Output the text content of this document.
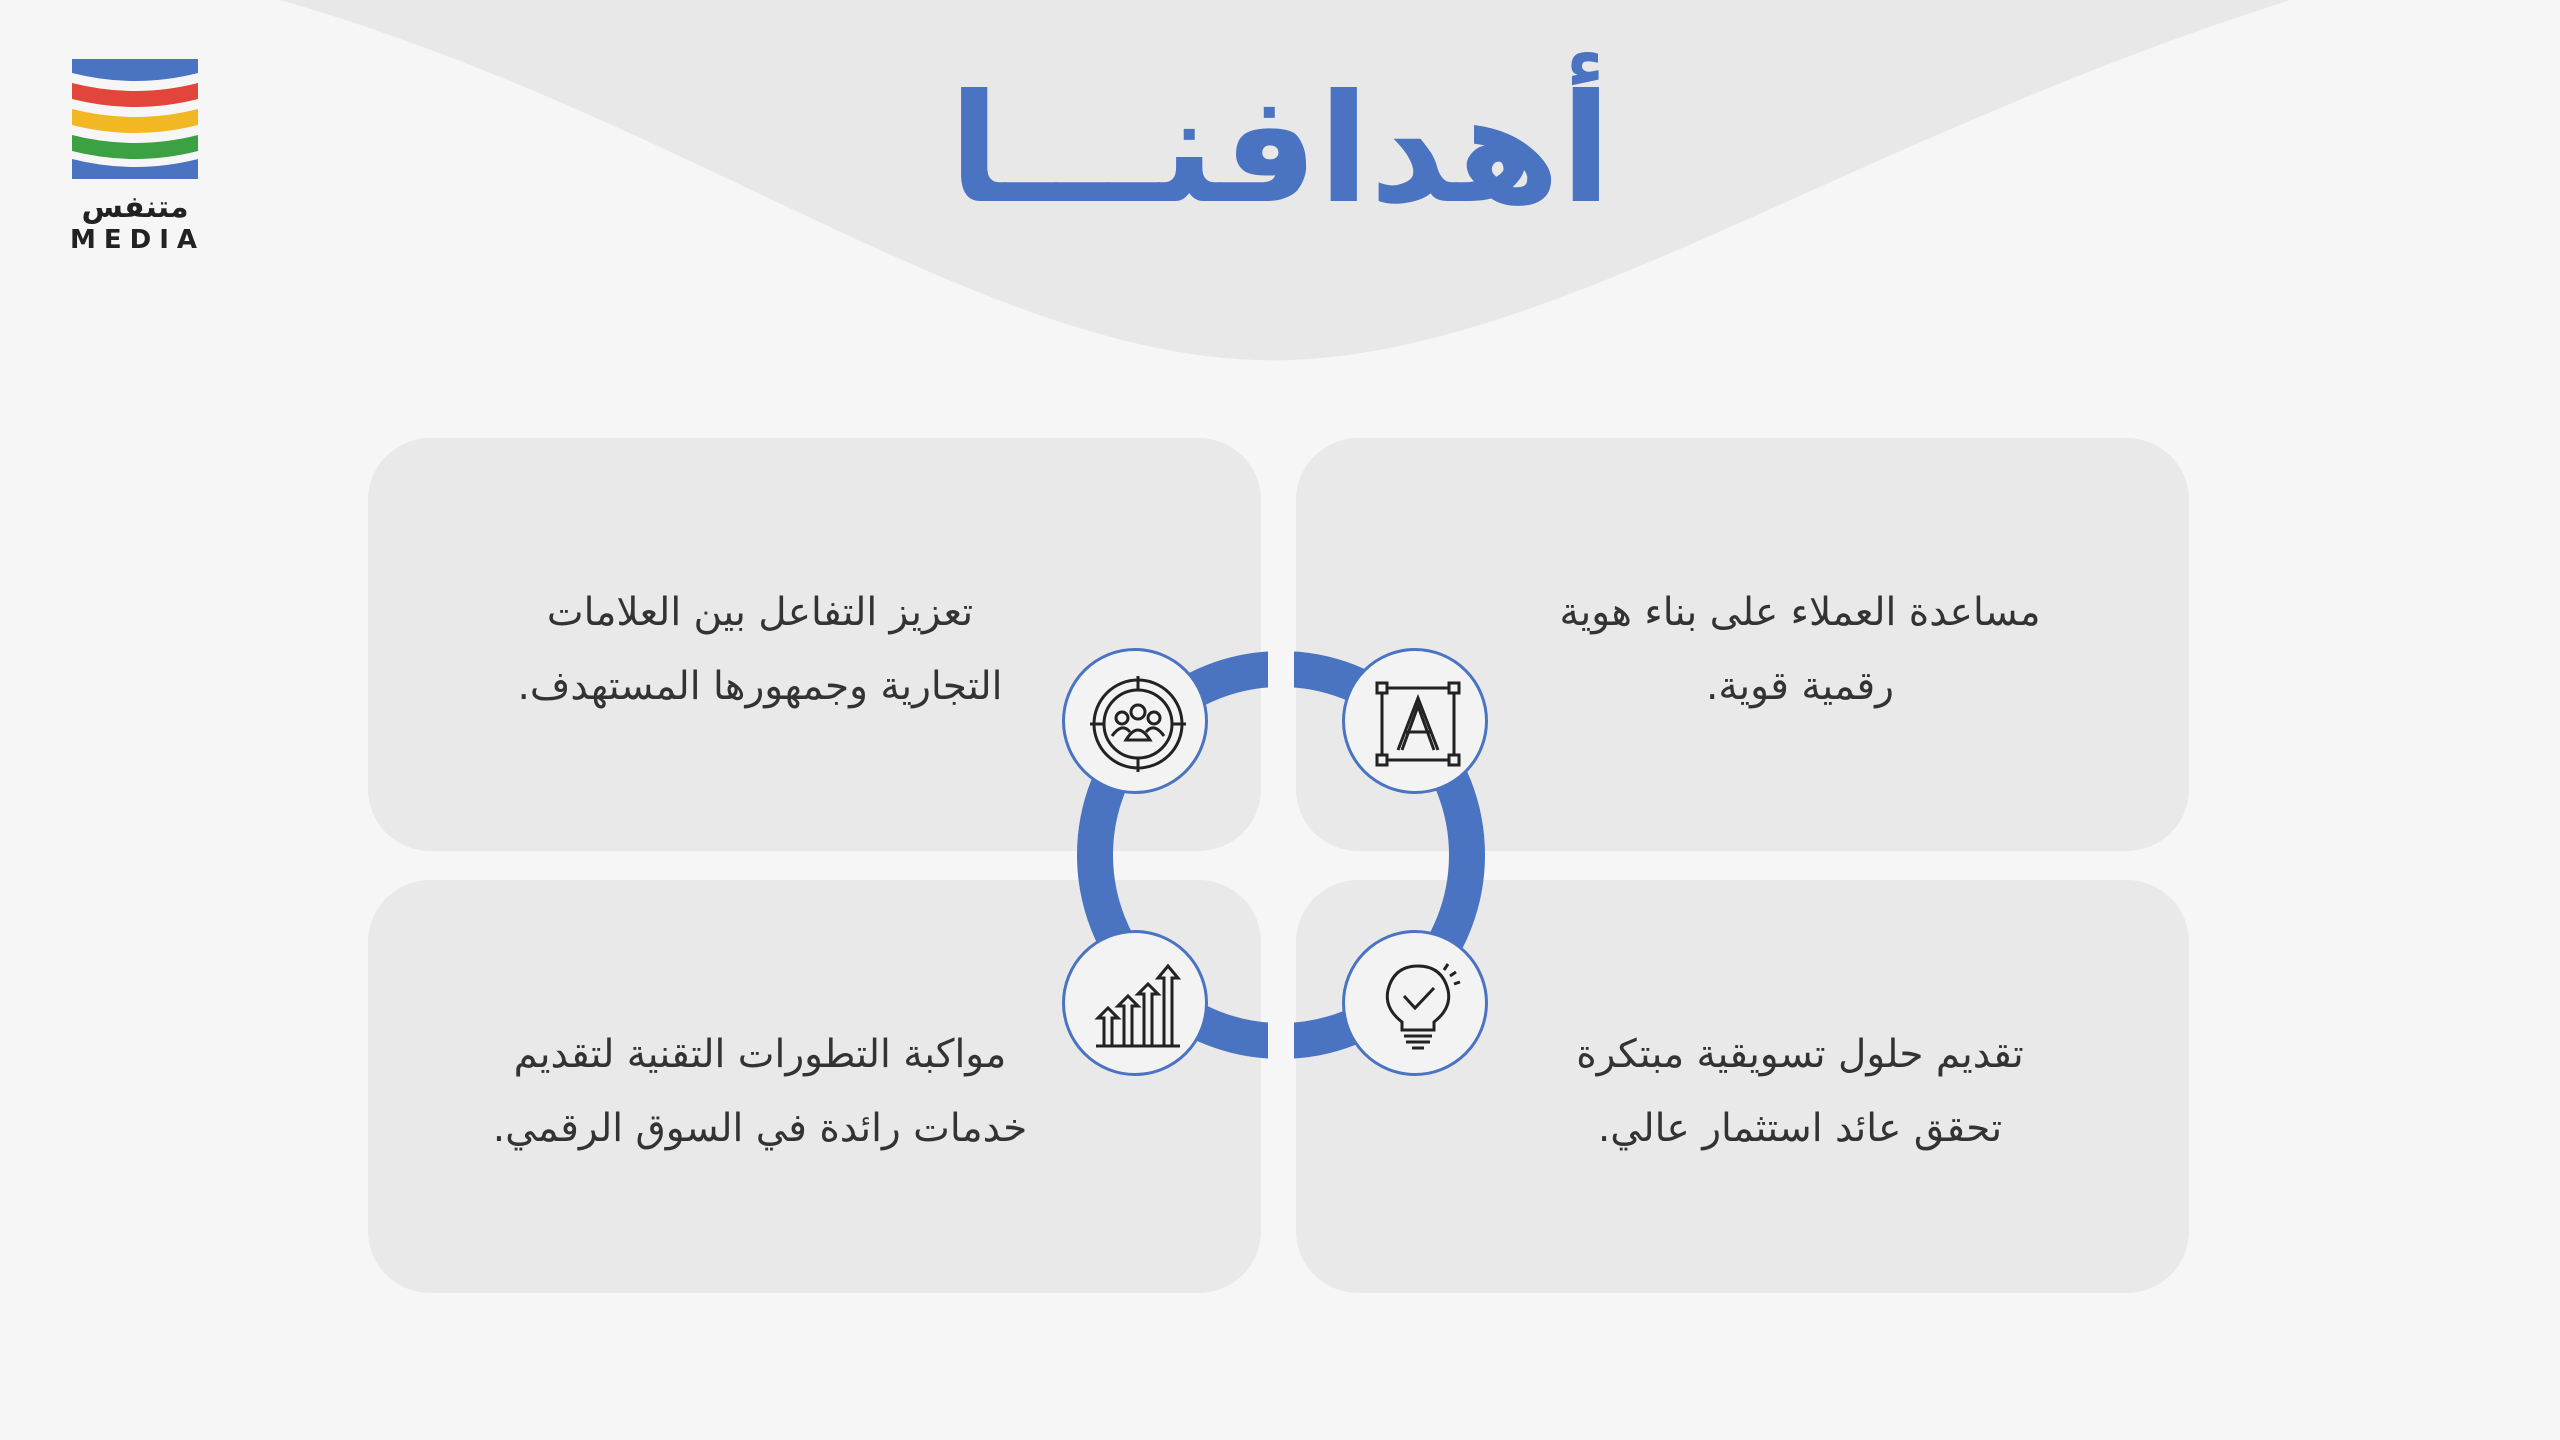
متنفس
MEDIA
أهدافنـــا
مساعدة العملاء على بناء هوية
رقمية قوية.
تعزيز التفاعل بين العلامات
التجارية وجمهورها المستهدف.
تقديم حلول تسويقية مبتكرة
تحقق عائد استثمار عالي.
مواكبة التطورات التقنية لتقديم
خدمات رائدة في السوق الرقمي.
